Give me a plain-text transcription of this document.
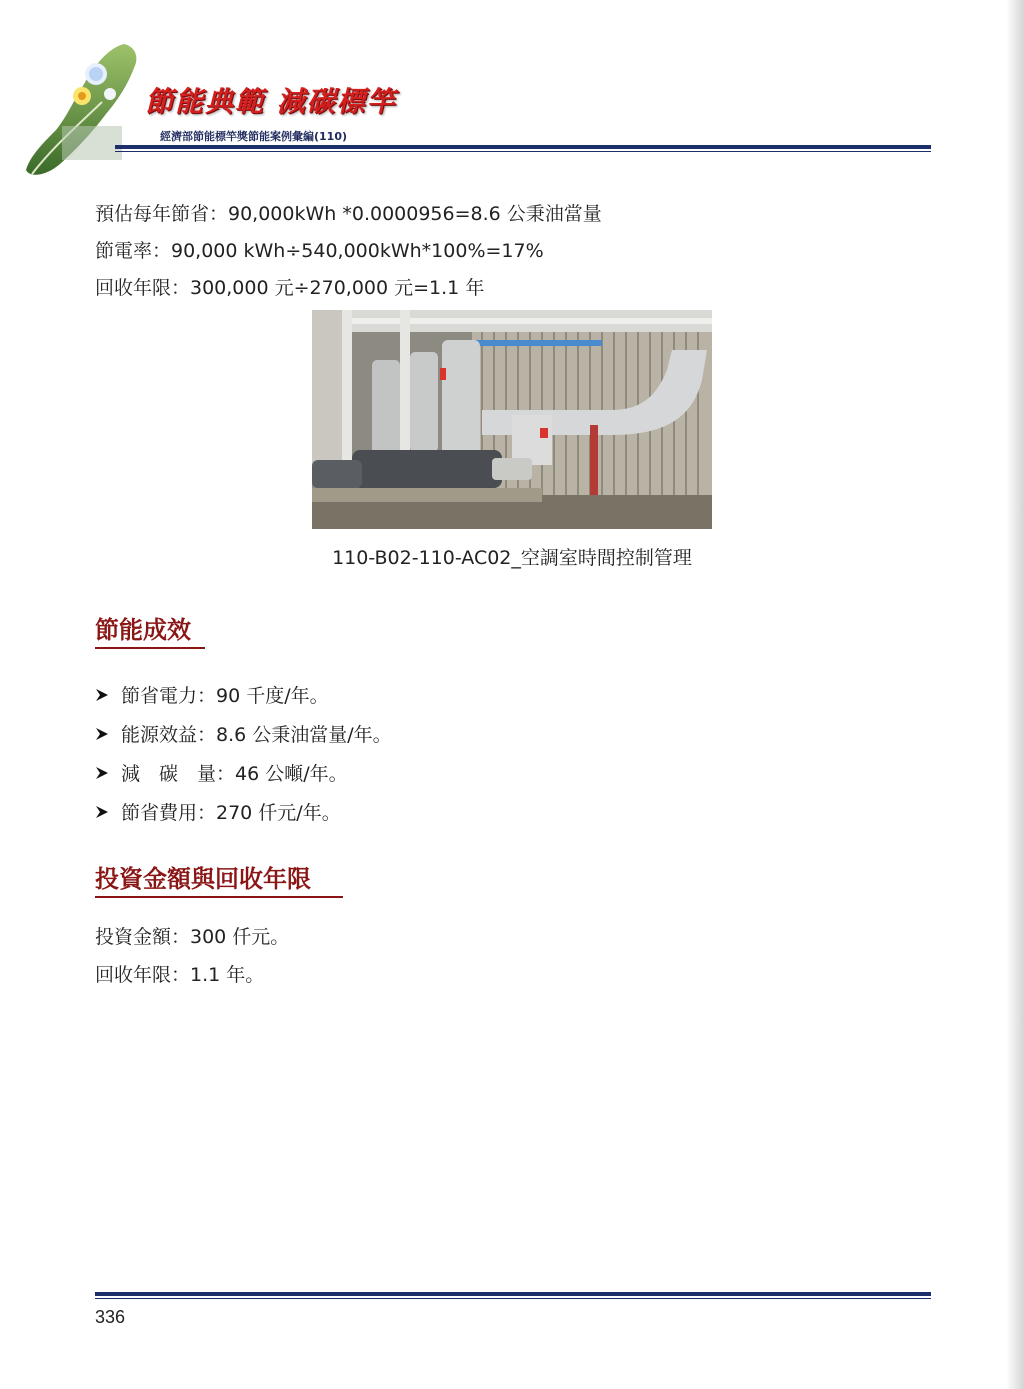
節能典範 減碳標竿
經濟部節能標竿獎節能案例彙編(110)

預估每年節省：90,000kWh *0.0000956=8.6 公秉油當量

節電率：90,000 kWh÷540,000kWh*100%=17%

回收年限：300,000 元÷270,000 元=1.1 年

110-B02-110-AC02_空調室時間控制管理

節能成效
節省電力：90 千度/年。
能源效益：8.6 公秉油當量/年。
減　碳　量：46 公噸/年。
節省費用：270 仟元/年。
投資金額與回收年限

投資金額：300 仟元。

回收年限：1.1 年。

336
